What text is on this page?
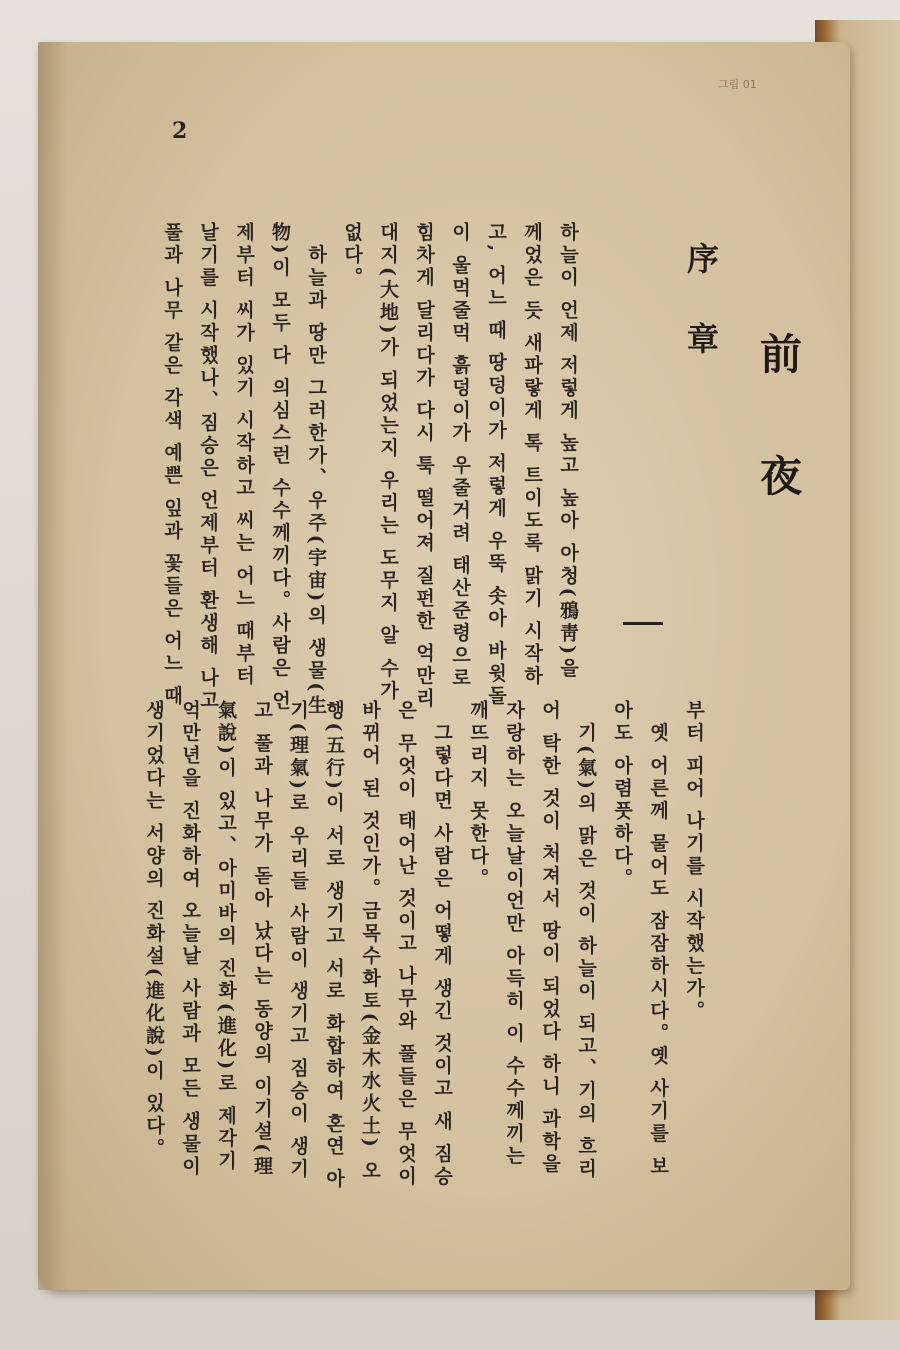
그림 01
2
前夜
序章
하늘이 언제 저렇게 높고 높아 아청(鴉靑)을
께었은 듯 새파랗게 톡 트이도록 맑기 시작하
고, 어느 때 땅덩이가 저렇게 우뚝 솟아 바윗돌
이 울먹줄먹 흙덩이가 우줄거려 태산준령으로
힘차게 달리다가 다시 툭 떨어져 질펀한 억만리
대지(大地)가 되었는지 우리는 도무지 알 수가
없다。
　하늘과 땅만 그러한가、우주(宇宙)의 생물(生
物)이 모두 다 의심스런 수수께끼다。사람은 언
제부터 씨가 있기 시작하고 씨는 어느 때부터
날기를 시작했나、짐승은 언제부터 환생해 나고
풀과 나무 같은 각색 예쁜 잎과 꽃들은 어느 때
부터 피어 나기를 시작했는가。
　옛 어른께 물어도 잠잠하시다。옛 사기를 보
아도 아렴풋하다。
　기(氣)의 맑은 것이 하늘이 되고、기의 흐리
어 탁한 것이 처져서 땅이 되었다 하니 과학을
자랑하는 오늘날이언만 아득히 이 수수께끼는
깨뜨리지 못한다。
　그렇다면 사람은 어떻게 생긴 것이고 새 짐승
은 무엇이 태어난 것이고 나무와 풀들은 무엇이
바뀌어 된 것인가。금목수화토(金木水火土) 오
행(五行)이 서로 생기고 서로 화합하여 혼연 아
기(理氣)로 우리들 사람이 생기고 짐승이 생기
고 풀과 나무가 돋아 났다는 동양의 이기설(理
氣說)이 있고、아미바의 진화(進化)로 제각기
억만년을 진화하여 오늘날 사람과 모든 생물이
생기었다는 서양의 진화설(進化說)이 있다。
